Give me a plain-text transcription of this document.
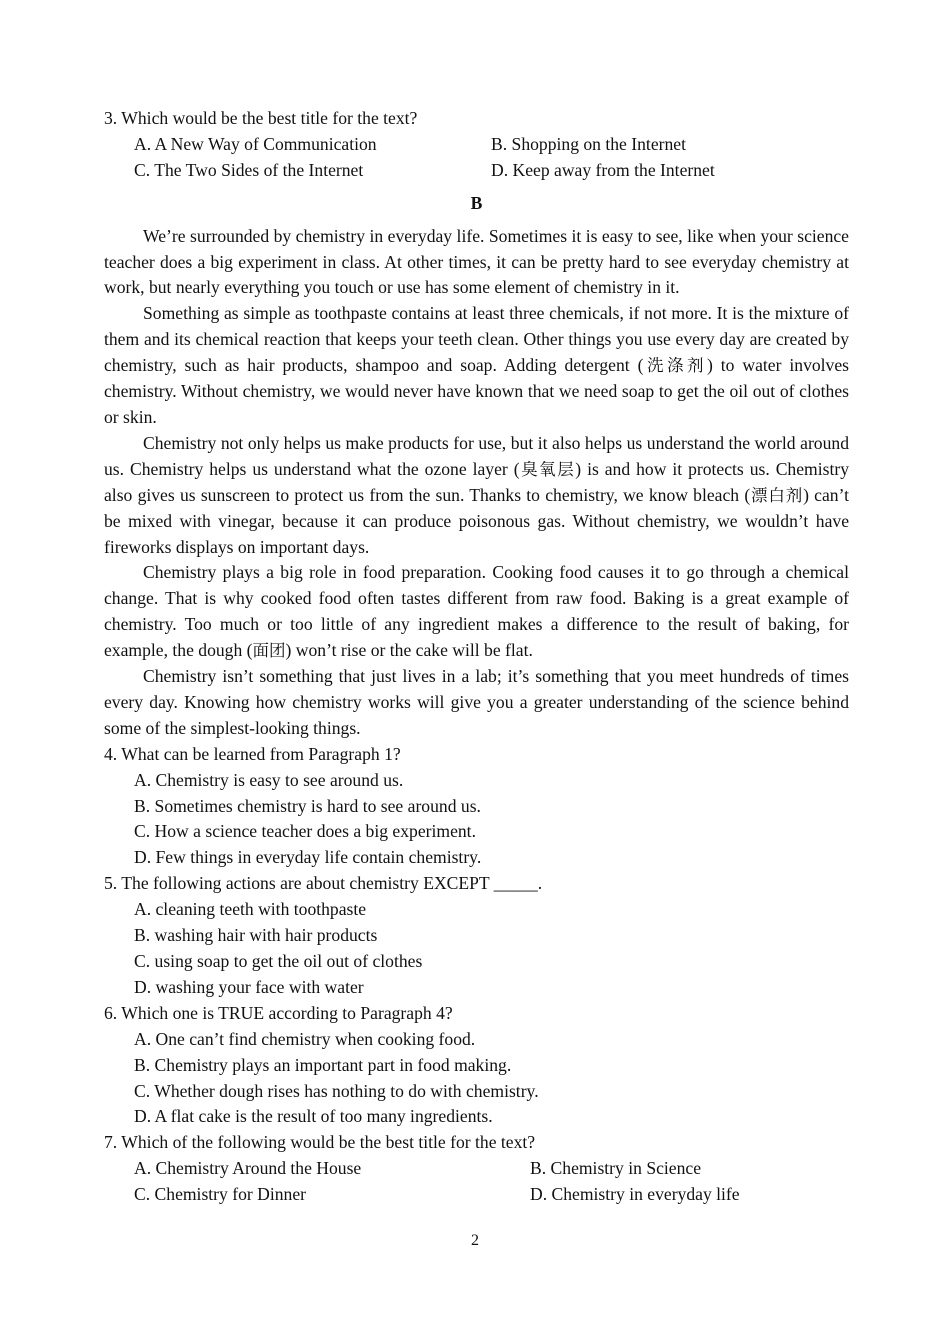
3. Which would be the best title for the text?
A. A New Way of Communication	B. Shopping on the Internet
C. The Two Sides of the Internet	D. Keep away from the Internet
B
We’re surrounded by chemistry in everyday life. Sometimes it is easy to see, like when your science teacher does a big experiment in class. At other times, it can be pretty hard to see everyday chemistry at work, but nearly everything you touch or use has some element of chemistry in it.
Something as simple as toothpaste contains at least three chemicals, if not more. It is the mixture of them and its chemical reaction that keeps your teeth clean. Other things you use every day are created by chemistry, such as hair products, shampoo and soap. Adding detergent (洗涤剂) to water involves chemistry. Without chemistry, we would never have known that we need soap to get the oil out of clothes or skin.
Chemistry not only helps us make products for use, but it also helps us understand the world around us. Chemistry helps us understand what the ozone layer (臭氧层) is and how it protects us. Chemistry also gives us sunscreen to protect us from the sun. Thanks to chemistry, we know bleach (漂白剂) can’t be mixed with vinegar, because it can produce poisonous gas. Without chemistry, we wouldn’t have fireworks displays on important days.
Chemistry plays a big role in food preparation. Cooking food causes it to go through a chemical change. That is why cooked food often tastes different from raw food. Baking is a great example of chemistry. Too much or too little of any ingredient makes a difference to the result of baking, for example, the dough (面团) won’t rise or the cake will be flat.
Chemistry isn’t something that just lives in a lab; it’s something that you meet hundreds of times every day. Knowing how chemistry works will give you a greater understanding of the science behind some of the simplest-looking things.
4. What can be learned from Paragraph 1?
A. Chemistry is easy to see around us.
B. Sometimes chemistry is hard to see around us.
C. How a science teacher does a big experiment.
D. Few things in everyday life contain chemistry.
5. The following actions are about chemistry EXCEPT _____.
A. cleaning teeth with toothpaste
B. washing hair with hair products
C. using soap to get the oil out of clothes
D. washing your face with water
6. Which one is TRUE according to Paragraph 4?
A. One can’t find chemistry when cooking food.
B. Chemistry plays an important part in food making.
C. Whether dough rises has nothing to do with chemistry.
D. A flat cake is the result of too many ingredients.
7. Which of the following would be the best title for the text?
A. Chemistry Around the House	B. Chemistry in Science
C. Chemistry for Dinner	D. Chemistry in everyday life
2
